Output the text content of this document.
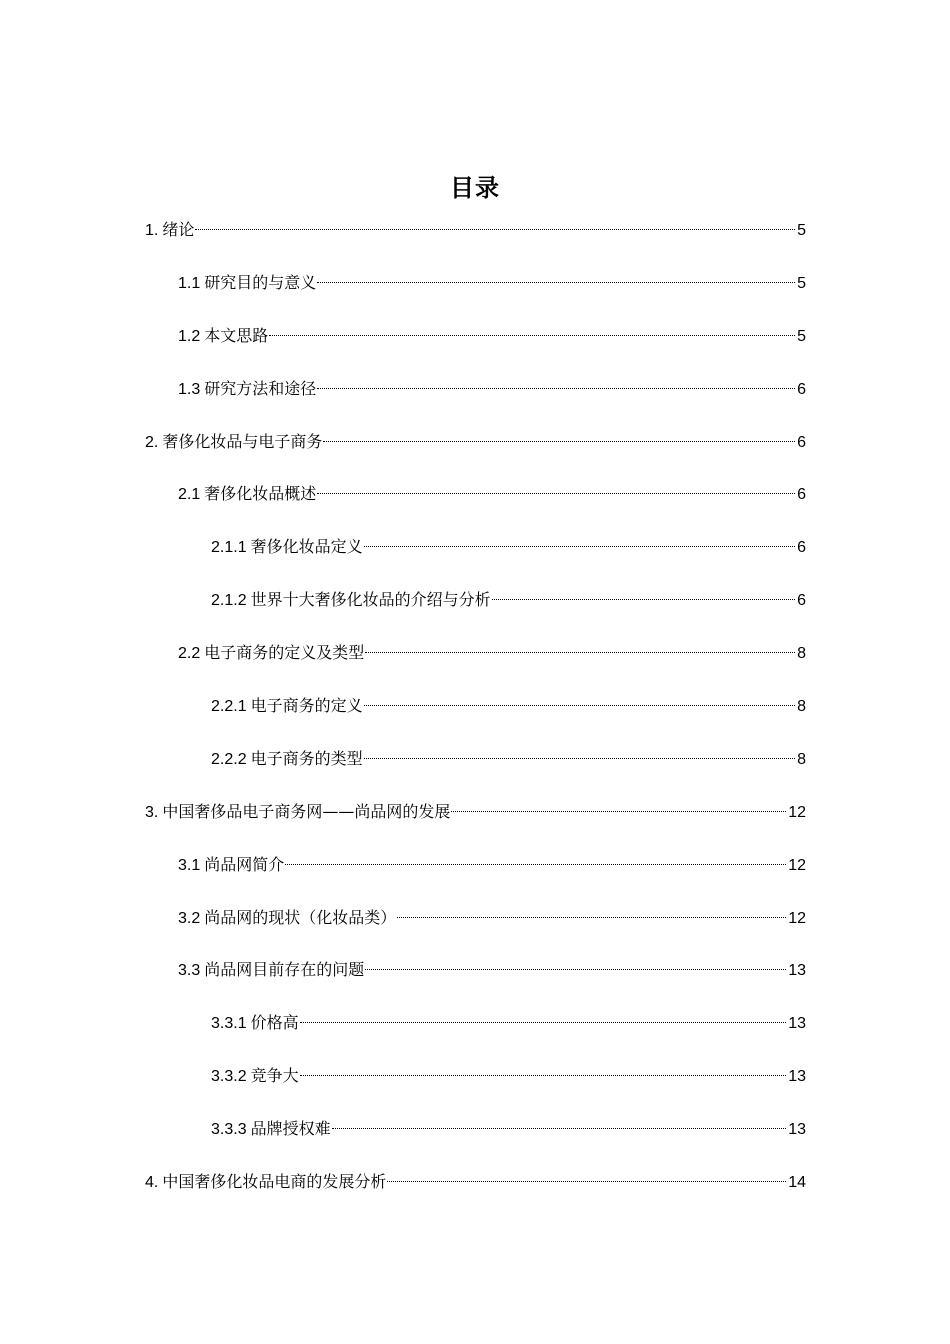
目录
1. 绪论	5
1.1 研究目的与意义	5
1.2 本文思路	5
1.3 研究方法和途径	6
2. 奢侈化妆品与电子商务	6
2.1 奢侈化妆品概述	6
2.1.1 奢侈化妆品定义	6
2.1.2 世界十大奢侈化妆品的介绍与分析	6
2.2 电子商务的定义及类型	8
2.2.1 电子商务的定义	8
2.2.2 电子商务的类型	8
3. 中国奢侈品电子商务网——尚品网的发展	12
3.1 尚品网简介	12
3.2 尚品网的现状（化妆品类）	12
3.3 尚品网目前存在的问题	13
3.3.1 价格高	13
3.3.2 竞争大	13
3.3.3 品牌授权难	13
4. 中国奢侈化妆品电商的发展分析	14
